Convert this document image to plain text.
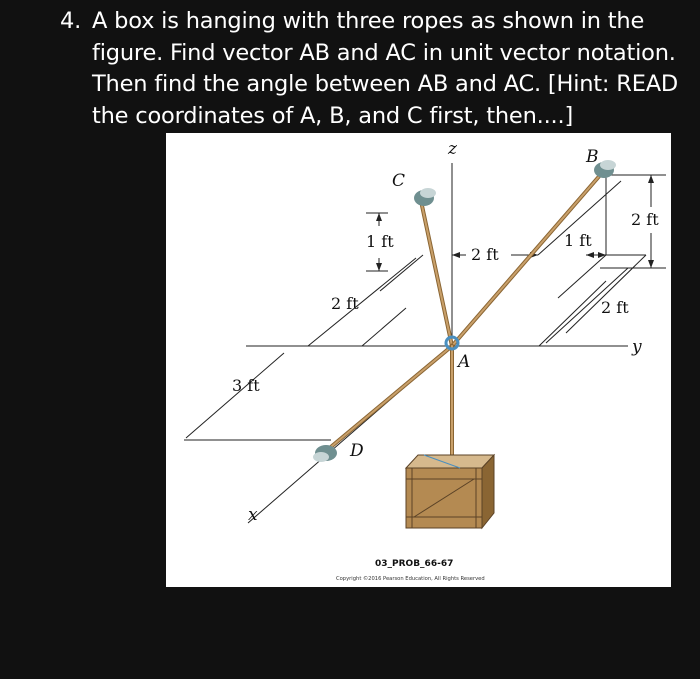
4. A box is hanging with three ropes as shown in the figure. Find vector AB and AC in unit vector notation. Then find the angle between AB and AC. [Hint: READ the coordinates of A, B, and C first, then....]
z
y
x
A
B
C
D
1 ft
2 ft
3 ft
2 ft
1 ft
2 ft
2 ft
03_PROB_66-67
Copyright ©2016 Pearson Education, All Rights Reserved
